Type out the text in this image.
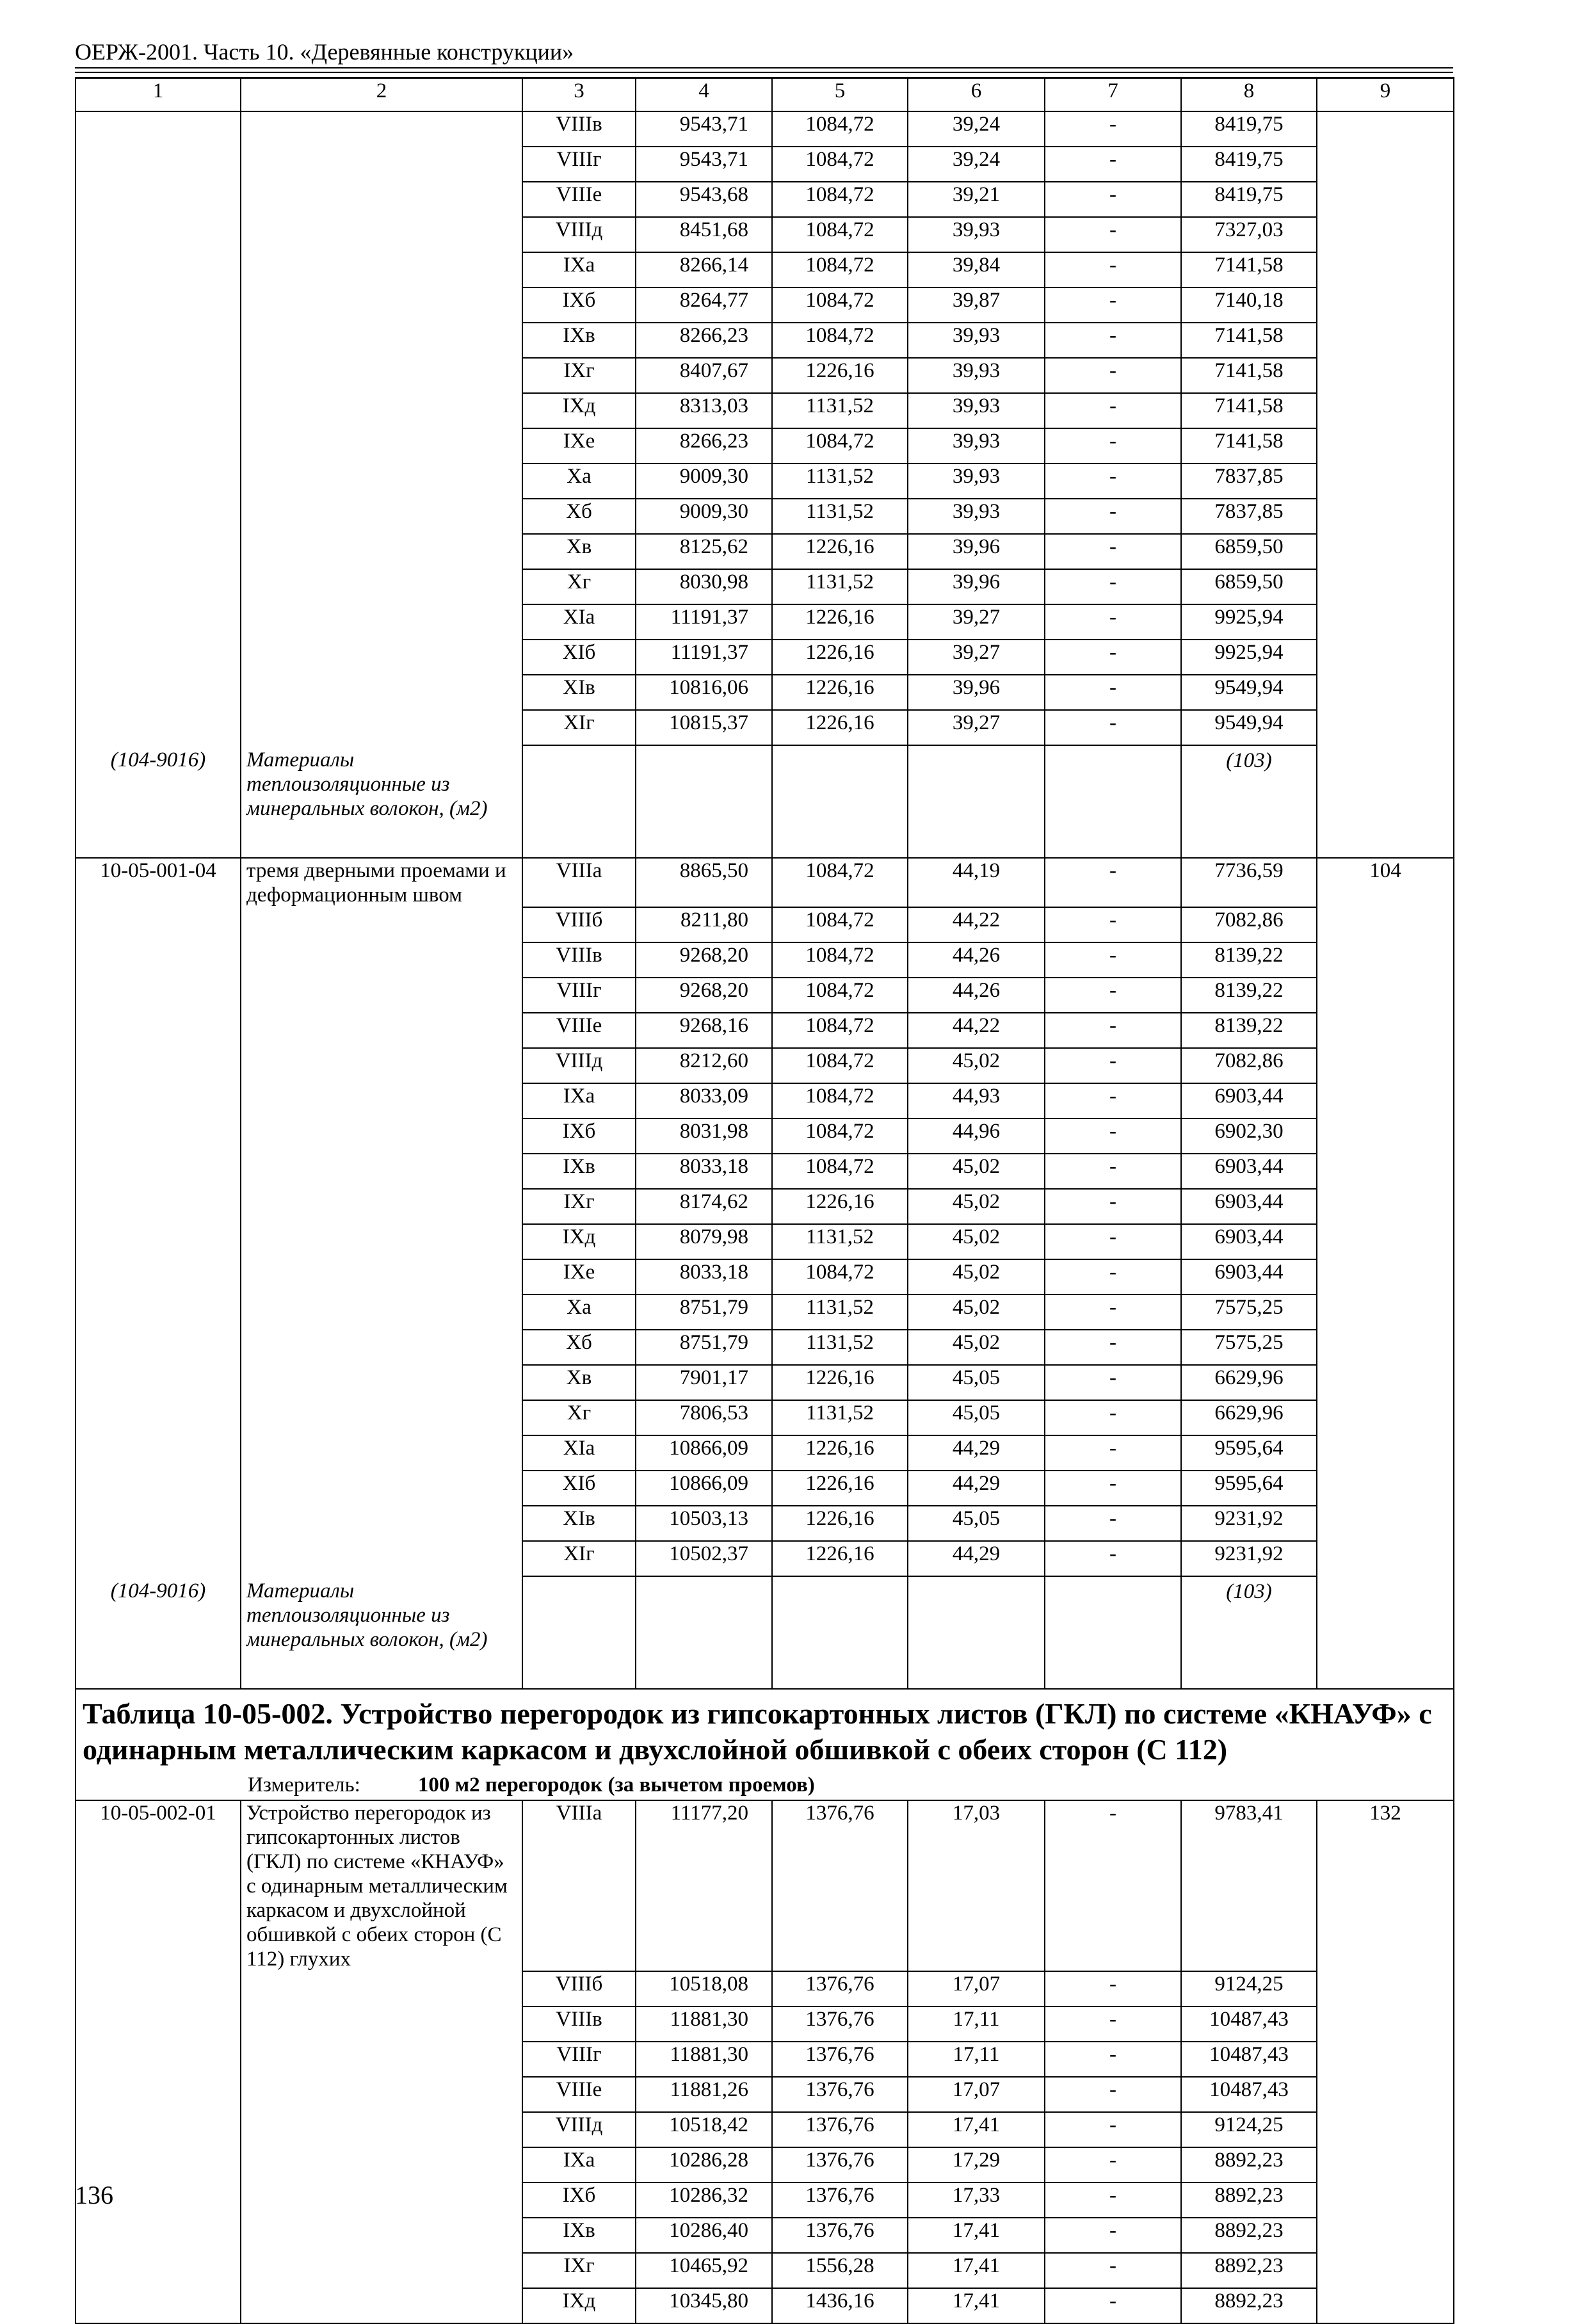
ОЕРЖ-2001. Часть 10. «Деревянные конструкции»
1	2	3	4	5	6	7	8	9
		VIIIв	9543,71	1084,72	39,24	-	8419,75	
		VIIIг	9543,71	1084,72	39,24	-	8419,75	
		VIIIе	9543,68	1084,72	39,21	-	8419,75	
		VIIIд	8451,68	1084,72	39,93	-	7327,03	
		IXа	8266,14	1084,72	39,84	-	7141,58	
		IXб	8264,77	1084,72	39,87	-	7140,18	
		IXв	8266,23	1084,72	39,93	-	7141,58	
		IXг	8407,67	1226,16	39,93	-	7141,58	
		IXд	8313,03	1131,52	39,93	-	7141,58	
		IXе	8266,23	1084,72	39,93	-	7141,58	
		Xа	9009,30	1131,52	39,93	-	7837,85	
		Xб	9009,30	1131,52	39,93	-	7837,85	
		Xв	8125,62	1226,16	39,96	-	6859,50	
		Xг	8030,98	1131,52	39,96	-	6859,50	
		XIа	11191,37	1226,16	39,27	-	9925,94	
		XIб	11191,37	1226,16	39,27	-	9925,94	
		XIв	10816,06	1226,16	39,96	-	9549,94	
		XIг	10815,37	1226,16	39,27	-	9549,94	
(104-9016)	Материалы теплоизоляционные из минеральных волокон, (м2)						(103)	
10-05-001-04	тремя дверными проемами и деформационным швом	VIIIа	8865,50	1084,72	44,19	-	7736,59	104
		VIIIб	8211,80	1084,72	44,22	-	7082,86	
		VIIIв	9268,20	1084,72	44,26	-	8139,22	
		VIIIг	9268,20	1084,72	44,26	-	8139,22	
		VIIIе	9268,16	1084,72	44,22	-	8139,22	
		VIIIд	8212,60	1084,72	45,02	-	7082,86	
		IXа	8033,09	1084,72	44,93	-	6903,44	
		IXб	8031,98	1084,72	44,96	-	6902,30	
		IXв	8033,18	1084,72	45,02	-	6903,44	
		IXг	8174,62	1226,16	45,02	-	6903,44	
		IXд	8079,98	1131,52	45,02	-	6903,44	
		IXе	8033,18	1084,72	45,02	-	6903,44	
		Xа	8751,79	1131,52	45,02	-	7575,25	
		Xб	8751,79	1131,52	45,02	-	7575,25	
		Xв	7901,17	1226,16	45,05	-	6629,96	
		Xг	7806,53	1131,52	45,05	-	6629,96	
		XIа	10866,09	1226,16	44,29	-	9595,64	
		XIб	10866,09	1226,16	44,29	-	9595,64	
		XIв	10503,13	1226,16	45,05	-	9231,92	
		XIг	10502,37	1226,16	44,29	-	9231,92	
(104-9016)	Материалы теплоизоляционные из минеральных волокон, (м2)						(103)	

Таблица 10-05-002. Устройство перегородок из гипсокартонных листов (ГКЛ) по системе «КНАУФ» с одинарным металлическим каркасом и двухслойной обшивкой с обеих сторон (С 112)
Измеритель: 100 м2 перегородок (за вычетом проемов)								

10-05-002-01	Устройство перегородок из гипсокартонных листов (ГКЛ) по системе «КНАУФ» с одинарным металлическим каркасом и двухслойной обшивкой с обеих сторон (С 112) глухих	VIIIа	11177,20	1376,76	17,03	-	9783,41	132
		VIIIб	10518,08	1376,76	17,07	-	9124,25	
		VIIIв	11881,30	1376,76	17,11	-	10487,43	
		VIIIг	11881,30	1376,76	17,11	-	10487,43	
		VIIIе	11881,26	1376,76	17,07	-	10487,43	
		VIIIд	10518,42	1376,76	17,41	-	9124,25	
		IXа	10286,28	1376,76	17,29	-	8892,23	
		IXб	10286,32	1376,76	17,33	-	8892,23	
		IXв	10286,40	1376,76	17,41	-	8892,23	
		IXг	10465,92	1556,28	17,41	-	8892,23	
		IXд	10345,80	1436,16	17,41	-	8892,23	
136
